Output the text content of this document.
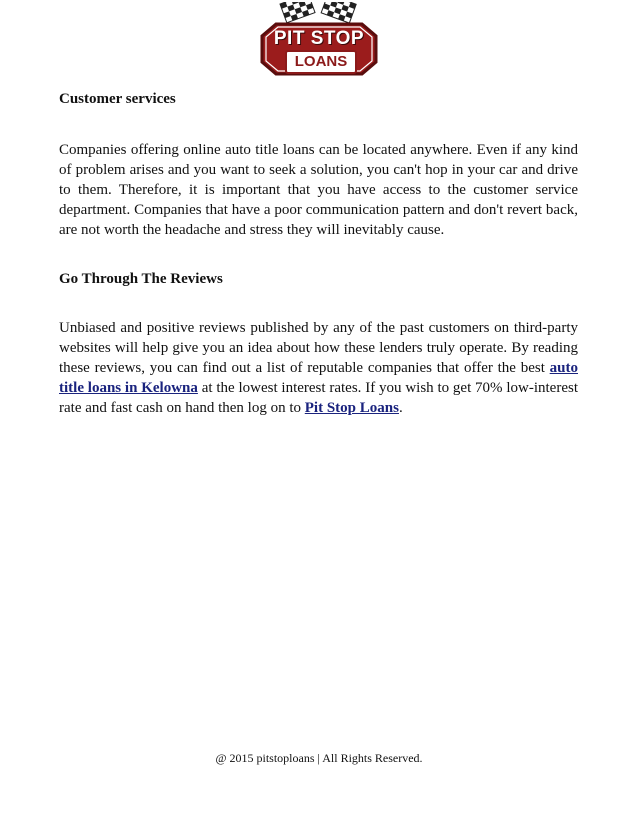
PIT STOP
LOANS
Customer services

Companies offering online auto title loans can be located anywhere. Even if any kind of problem arises and you want to seek a solution, you can't hop in your car and drive to them. Therefore, it is important that you have access to the customer service department. Companies that have a poor communication pattern and don't revert back, are not worth the headache and stress they will inevitably cause.

Go Through The Reviews

Unbiased and positive reviews published by any of the past customers on third-party websites will help give you an idea about how these lenders truly operate. By reading these reviews, you can find out a list of reputable companies that offer the best auto title loans in Kelowna at the lowest interest rates. If you wish to get 70% low-interest rate and fast cash on hand then log on to Pit Stop Loans.

@ 2015 pitstoploans | All Rights Reserved.
